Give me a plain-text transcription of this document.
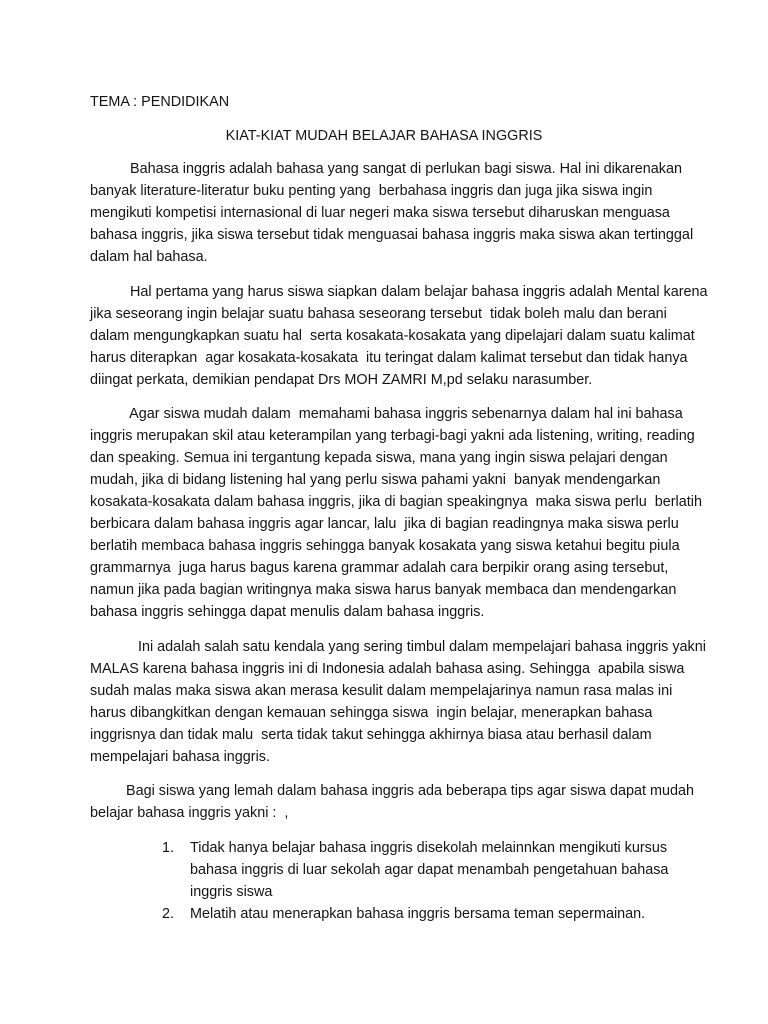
TEMA : PENDIDIKAN
KIAT-KIAT MUDAH BELAJAR BAHASA INGGRIS
Bahasa inggris adalah bahasa yang sangat di perlukan bagi siswa. Hal ini dikarenakan
banyak literature-literatur buku penting yang  berbahasa inggris dan juga jika siswa ingin
mengikuti kompetisi internasional di luar negeri maka siswa tersebut diharuskan menguasa
bahasa inggris, jika siswa tersebut tidak menguasai bahasa inggris maka siswa akan tertinggal
dalam hal bahasa.
Hal pertama yang harus siswa siapkan dalam belajar bahasa inggris adalah Mental karena
jika seseorang ingin belajar suatu bahasa seseorang tersebut  tidak boleh malu dan berani
dalam mengungkapkan suatu hal  serta kosakata-kosakata yang dipelajari dalam suatu kalimat
harus diterapkan  agar kosakata-kosakata  itu teringat dalam kalimat tersebut dan tidak hanya
diingat perkata, demikian pendapat Drs MOH ZAMRI M,pd selaku narasumber.
Agar siswa mudah dalam  memahami bahasa inggris sebenarnya dalam hal ini bahasa
inggris merupakan skil atau keterampilan yang terbagi-bagi yakni ada listening, writing, reading
dan speaking. Semua ini tergantung kepada siswa, mana yang ingin siswa pelajari dengan
mudah, jika di bidang listening hal yang perlu siswa pahami yakni  banyak mendengarkan
kosakata-kosakata dalam bahasa inggris, jika di bagian speakingnya  maka siswa perlu  berlatih
berbicara dalam bahasa inggris agar lancar, lalu  jika di bagian readingnya maka siswa perlu
berlatih membaca bahasa inggris sehingga banyak kosakata yang siswa ketahui begitu piula
grammarnya  juga harus bagus karena grammar adalah cara berpikir orang asing tersebut,
namun jika pada bagian writingnya maka siswa harus banyak membaca dan mendengarkan
bahasa inggris sehingga dapat menulis dalam bahasa inggris.
Ini adalah salah satu kendala yang sering timbul dalam mempelajari bahasa inggris yakni
MALAS karena bahasa inggris ini di Indonesia adalah bahasa asing. Sehingga  apabila siswa
sudah malas maka siswa akan merasa kesulit dalam mempelajarinya namun rasa malas ini
harus dibangkitkan dengan kemauan sehingga siswa  ingin belajar, menerapkan bahasa
inggrisnya dan tidak malu  serta tidak takut sehingga akhirnya biasa atau berhasil dalam
mempelajari bahasa inggris.
Bagi siswa yang lemah dalam bahasa inggris ada beberapa tips agar siswa dapat mudah
belajar bahasa inggris yakni :  ,
1. Tidak hanya belajar bahasa inggris disekolah melainnkan mengikuti kursus
bahasa inggris di luar sekolah agar dapat menambah pengetahuan bahasa
inggris siswa
2. Melatih atau menerapkan bahasa inggris bersama teman sepermainan.
